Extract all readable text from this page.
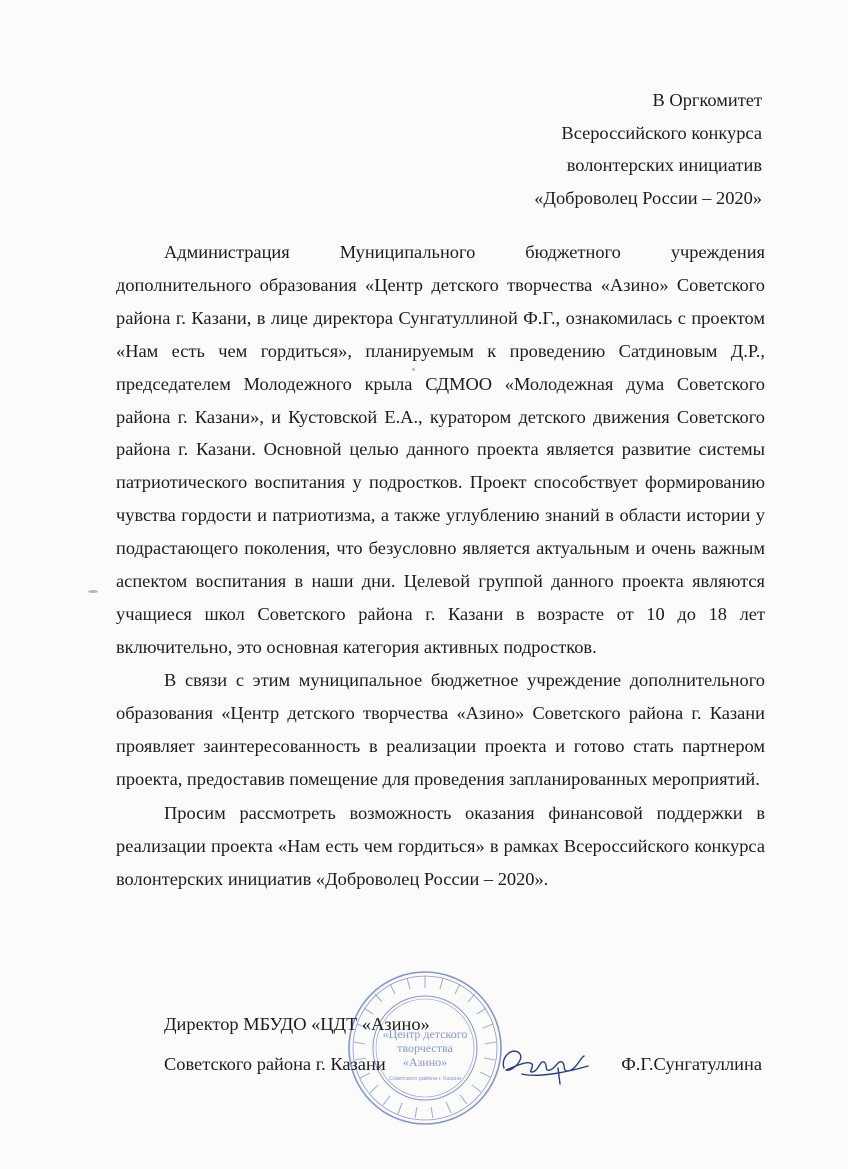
В Оргкомитет
Всероссийского конкурса
волонтерских инициатив
«Доброволец России – 2020»

Администрация Муниципального бюджетного учреждения дополнительного образования «Центр детского творчества «Азино» Советского района г. Казани, в лице директора Сунгатуллиной Ф.Г., ознакомилась с проектом «Нам есть чем гордиться», планируемым к проведению Сатдиновым Д.Р., председателем Молодежного крыла СДМОО «Молодежная дума Советского района г. Казани», и Кустовской Е.А., куратором детского движения Советского района г. Казани. Основной целью данного проекта является развитие системы патриотического воспитания у подростков. Проект способствует формированию чувства гордости и патриотизма, а также углублению знаний в области истории у подрастающего поколения, что безусловно является актуальным и очень важным аспектом воспитания в наши дни. Целевой группой данного проекта являются учащиеся школ Советского района г. Казани в возрасте от 10 до 18 лет включительно, это основная категория активных подростков.

В связи с этим муниципальное бюджетное учреждение дополнительного образования «Центр детского творчества «Азино» Советского района г. Казани проявляет заинтересованность в реализации проекта и готово стать партнером проекта, предоставив помещение для проведения запланированных мероприятий.

Просим рассмотреть возможность оказания финансовой поддержки в реализации проекта «Нам есть чем гордиться» в рамках Всероссийского конкурса волонтерских инициатив «Доброволец России – 2020».

«Центр детского
творчества
«Азино»
Советского района г. Казани
Директор МБУДО «ЦДТ «Азино»
Советского района г. Казани	Ф.Г.Сунгатуллина
